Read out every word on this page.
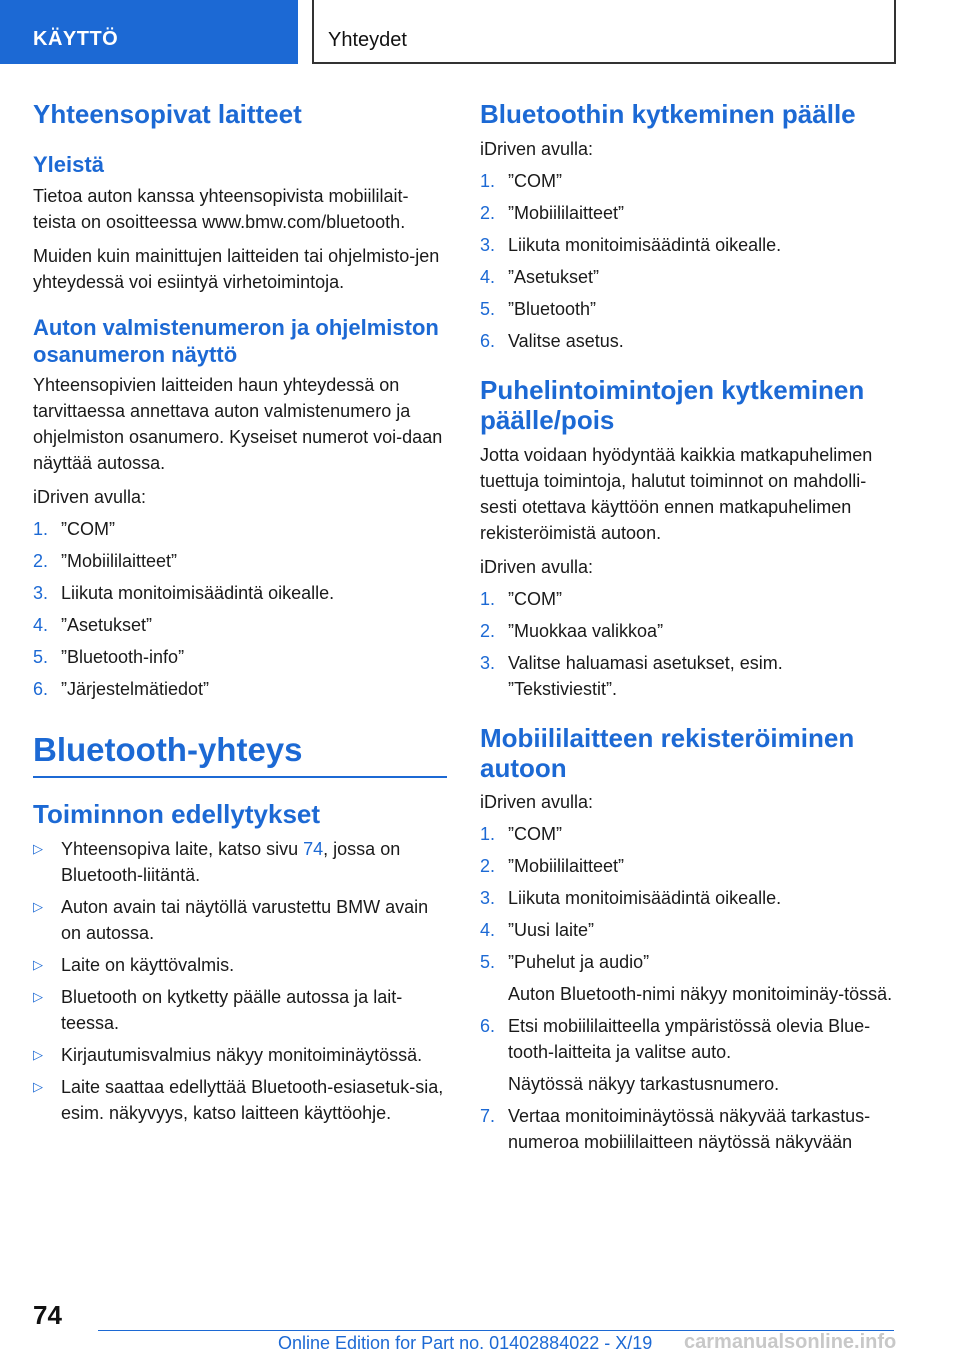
KÄYTTÖ	Yhteydet
Yhteensopivat laitteet
Yleistä

Tietoa auton kanssa yhteensopivista mobiililait-teista on osoitteessa www.bmw.com/bluetooth.

Muiden kuin mainittujen laitteiden tai ohjelmisto-jen yhteydessä voi esiintyä virhetoimintoja.

Auton valmistenumeron ja ohjelmiston osanumeron näyttö

Yhteensopivien laitteiden haun yhteydessä on tarvittaessa annettava auton valmistenumero ja ohjelmiston osanumero. Kyseiset numerot voi-daan näyttää autossa.

iDriven avulla:

1. ”COM”
2. ”Mobiililaitteet”
3. Liikuta monitoimisäädintä oikealle.
4. ”Asetukset”
5. ”Bluetooth-info”
6. ”Järjestelmätiedot”
Bluetooth-yhteys
Toiminnon edellytykset
▷	Yhteensopiva laite, katso sivu 74, jossa on Bluetooth-liitäntä.
▷	Auton avain tai näytöllä varustettu BMW avain on autossa.
▷	Laite on käyttövalmis.
▷	Bluetooth on kytketty päälle autossa ja lait-teessa.
▷	Kirjautumisvalmius näkyy monitoiminäytössä.
▷	Laite saattaa edellyttää Bluetooth-esiasetuk-sia, esim. näkyvyys, katso laitteen käyttöohje.
Bluetoothin kytkeminen päälle

iDriven avulla:

1. ”COM”
2. ”Mobiililaitteet”
3. Liikuta monitoimisäädintä oikealle.
4. ”Asetukset”
5. ”Bluetooth”
6. Valitse asetus.
Puhelintoimintojen kytkeminen päälle/pois

Jotta voidaan hyödyntää kaikkia matkapuhelimen tuettuja toimintoja, halutut toiminnot on mahdolli-sesti otettava käyttöön ennen matkapuhelimen rekisteröimistä autoon.

iDriven avulla:

1. ”COM”
2. ”Muokkaa valikkoa”
3. Valitse haluamasi asetukset, esim. ”Tekstiviestit”.
Mobiililaitteen rekisteröiminen autoon

iDriven avulla:

1. ”COM”
2. ”Mobiililaitteet”
3. Liikuta monitoimisäädintä oikealle.
4. ”Uusi laite”
5. ”Puhelut ja audio”
Auton Bluetooth-nimi näkyy monitoiminäy-tössä.
6. Etsi mobiililaitteella ympäristössä olevia Blue-tooth-laitteita ja valitse auto.
Näytössä näkyy tarkastusnumero.
7. Vertaa monitoiminäytössä näkyvää tarkastus-numeroa mobiililaitteen näytössä näkyvään
74
Online Edition for Part no. 01402884022 - X/19 carmanualsonline.info
